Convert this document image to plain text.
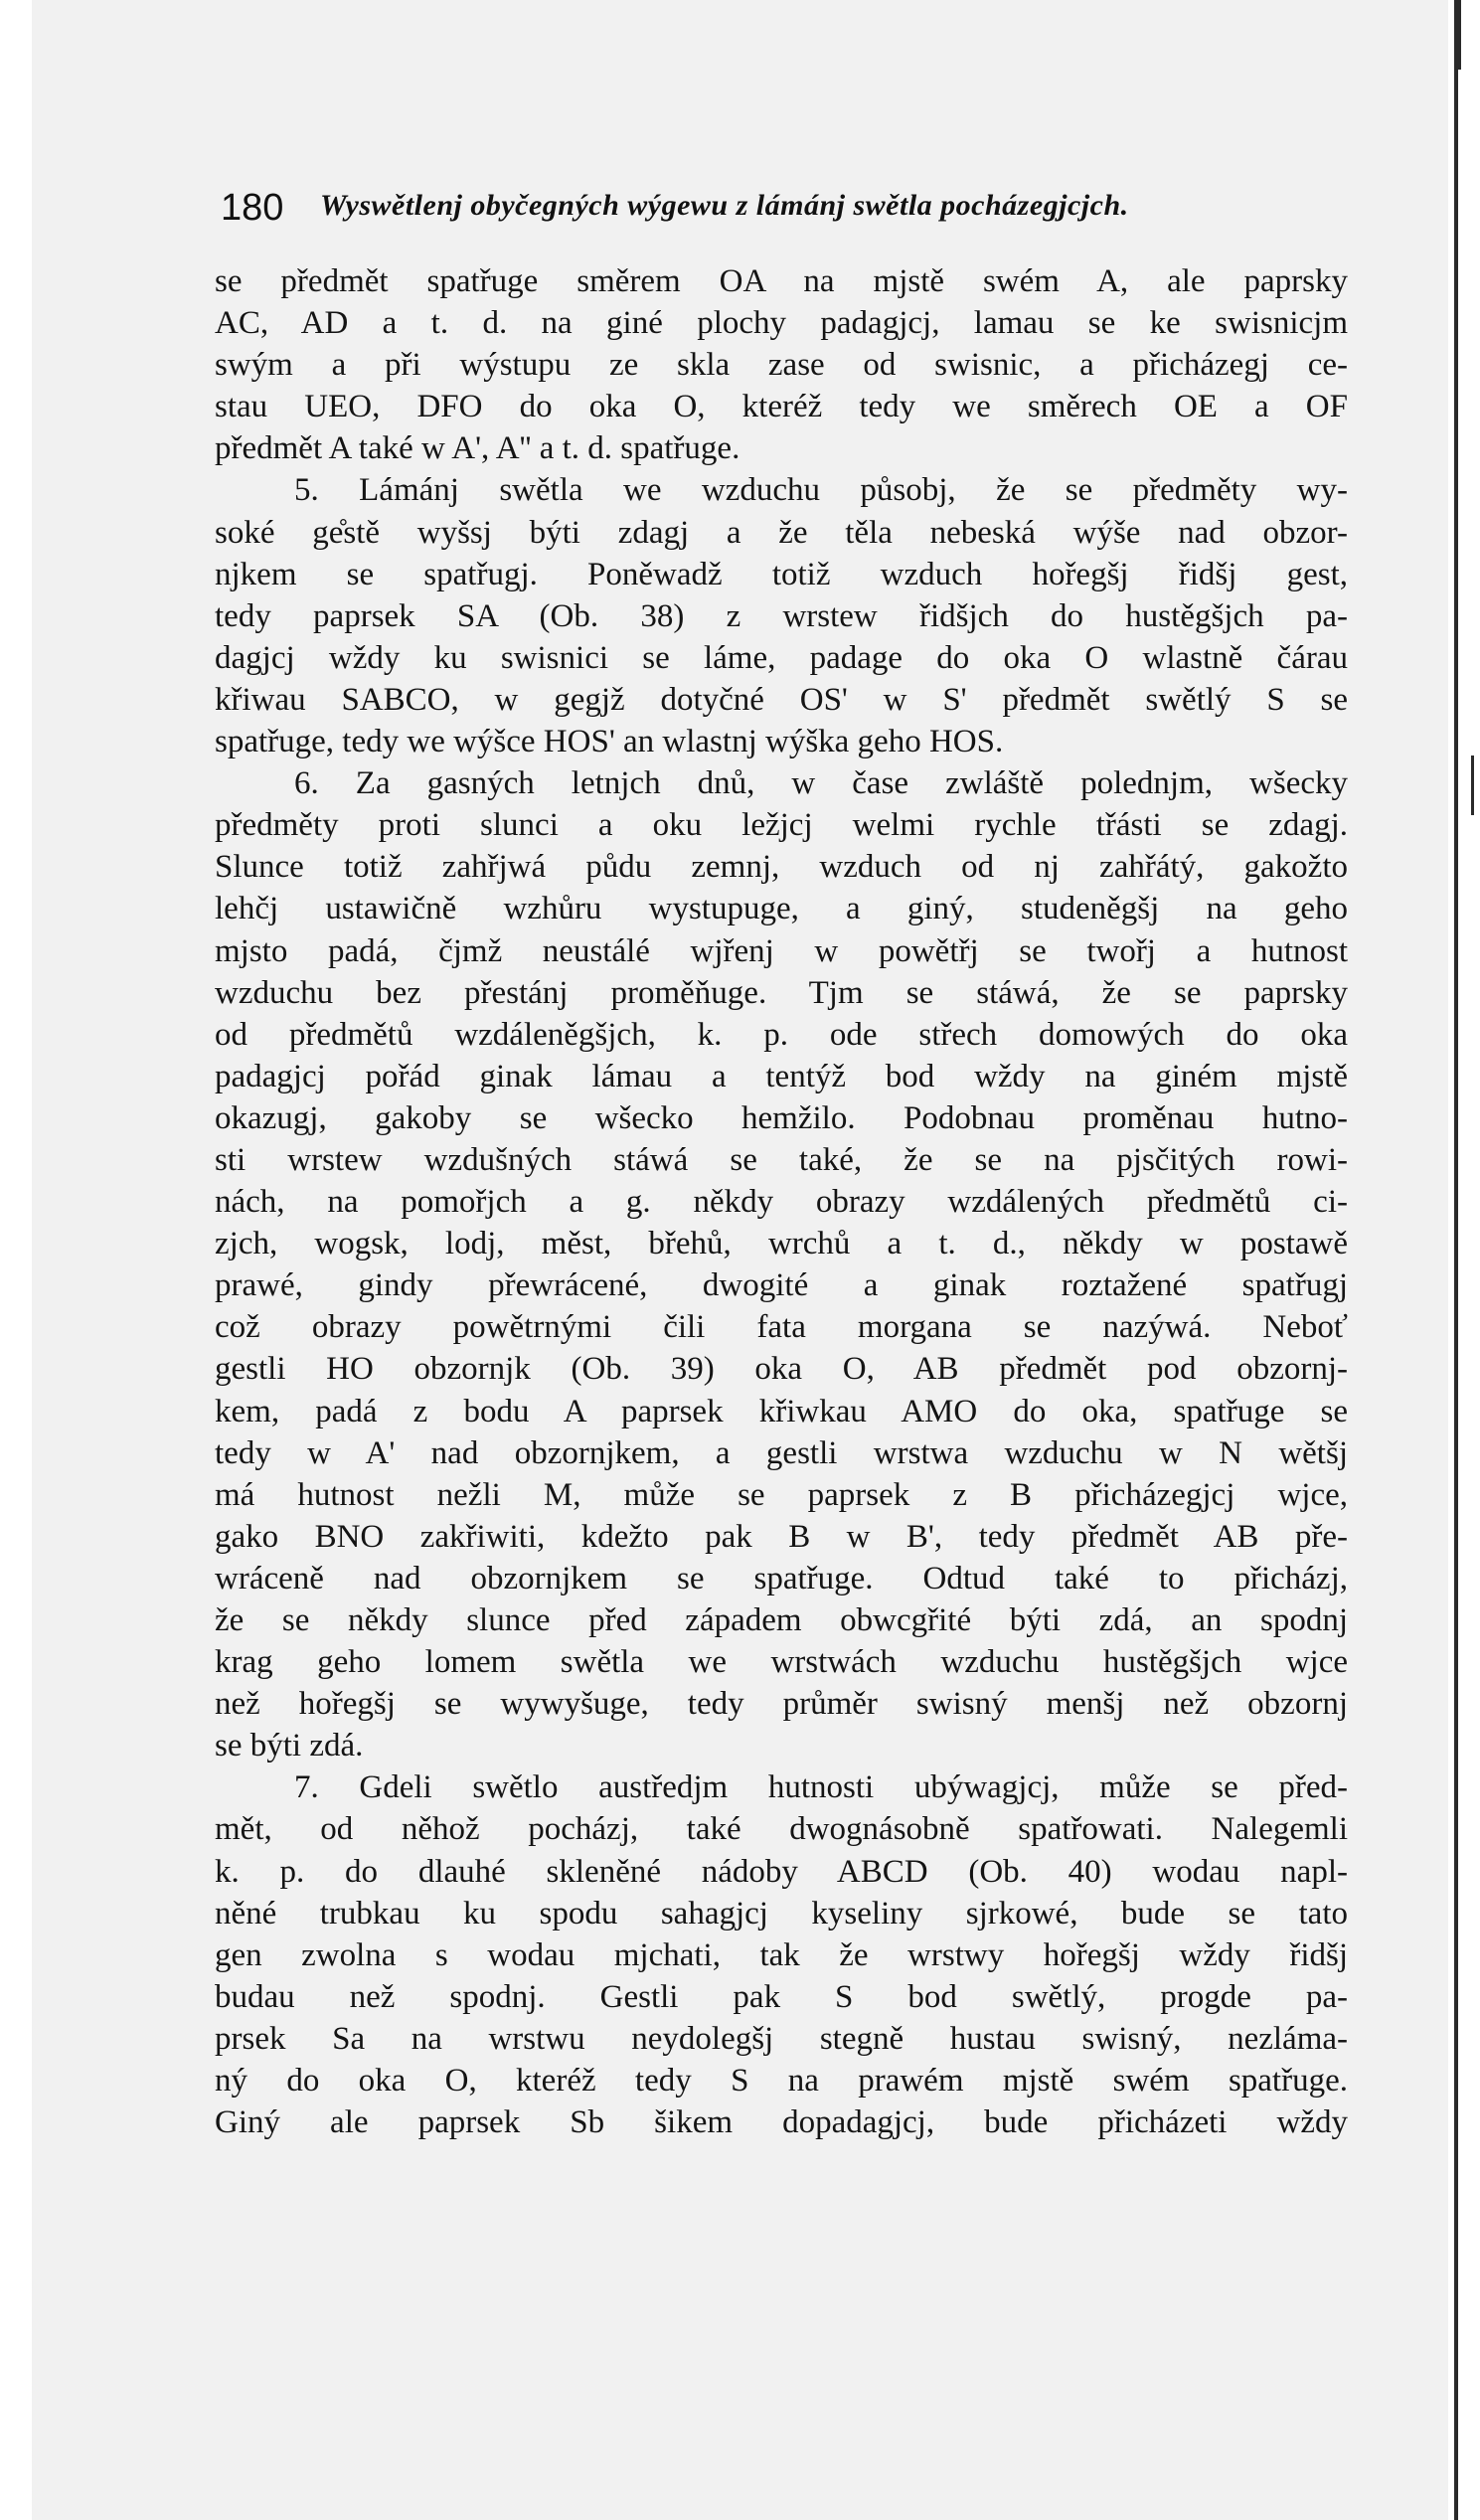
180 Wyswětlenj obyčegných wýgewu z lámánj swětla pocházegjcjch.
se předmět spatřuge směrem OA na mjstě swém A, ale paprsky
AC, AD a t. d. na giné plochy padagjcj, lamau se ke swisnicjm
swým a při wýstupu ze skla zase od swisnic, a přicházegj ce-
stau UEO, DFO do oka O, kteréž tedy we směrech OE a OF
předmět A také w A', A'' a t. d. spatřuge.
5. Lámánj swětla we wzduchu působj, že se předměty wy-
soké ge̊stě wyšsj býti zdagj a že těla nebeská wýše nad obzor-
njkem se spatřugj. Poněwadž totiž wzduch hořegšj řidšj gest,
tedy paprsek SA (Ob. 38) z wrstew řidšjch do hustěgšjch pa-
dagjcj wždy ku swisnici se láme, padage do oka O wlastně čárau
křiwau SABCO, w gegjž dotyčné OS' w S' předmět swětlý S se
spatřuge, tedy we wýšce HOS' an wlastnj wýška geho HOS.
6. Za gasných letnjch dnů, w čase zwláště polednjm, wšecky
předměty proti slunci a oku ležjcj welmi rychle třásti se zdagj.
Slunce totiž zahřjwá půdu zemnj, wzduch od nj zahřátý, gakožto
lehčj ustawičně wzhůru wystupuge, a giný, studeněgšj na geho
mjsto padá, čjmž neustálé wjřenj w powětřj se twořj a hutnost
wzduchu bez přestánj proměňuge. Tjm se stáwá, že se paprsky
od předmětů wzdáleněgšjch, k. p. ode střech domowých do oka
padagjcj pořád ginak lámau a tentýž bod wždy na giném mjstě
okazugj, gakoby se wšecko hemžilo. Podobnau proměnau hutno-
sti wrstew wzdušných stáwá se také, že se na pjsčitých rowi-
nách, na pomořjch a g. někdy obrazy wzdálených předmětů ci-
zjch, wogsk, lodj, měst, břehů, wrchů a t. d., někdy w postawě
prawé, gindy přewrácené, dwogité a ginak roztažené spatřugj
což obrazy powětrnými čili fata morgana se nazýwá. Neboť
gestli HO obzornjk (Ob. 39) oka O, AB předmět pod obzornj-
kem, padá z bodu A paprsek křiwkau AMO do oka, spatřuge se
tedy w A' nad obzornjkem, a gestli wrstwa wzduchu w N wětšj
má hutnost nežli M, může se paprsek z B přicházegjcj wjce,
gako BNO zakřiwiti, kdežto pak B w B', tedy předmět AB pře-
wráceně nad obzornjkem se spatřuge. Odtud také to přicházj,
že se někdy slunce před západem obwcgřité býti zdá, an spodnj
krag geho lomem swětla we wrstwách wzduchu hustěgšjch wjce
než hořegšj se wywyšuge, tedy průměr swisný menšj než obzornj
se býti zdá.
7. Gdeli swětlo austředjm hutnosti ubýwagjcj, může se před-
mět, od něhož pocházj, také dwognásobně spatřowati. Nalegemli
k. p. do dlauhé skleněné nádoby ABCD (Ob. 40) wodau napl-
něné trubkau ku spodu sahagjcj kyseliny sjrkowé, bude se tato
gen zwolna s wodau mjchati, tak že wrstwy hořegšj wždy řidšj
budau než spodnj. Gestli pak S bod swětlý, progde pa-
prsek Sa na wrstwu neydolegšj stegně hustau swisný, nezláma-
ný do oka O, kteréž tedy S na prawém mjstě swém spatřuge.
Giný ale paprsek Sb šikem dopadagjcj, bude přicházeti wždy
